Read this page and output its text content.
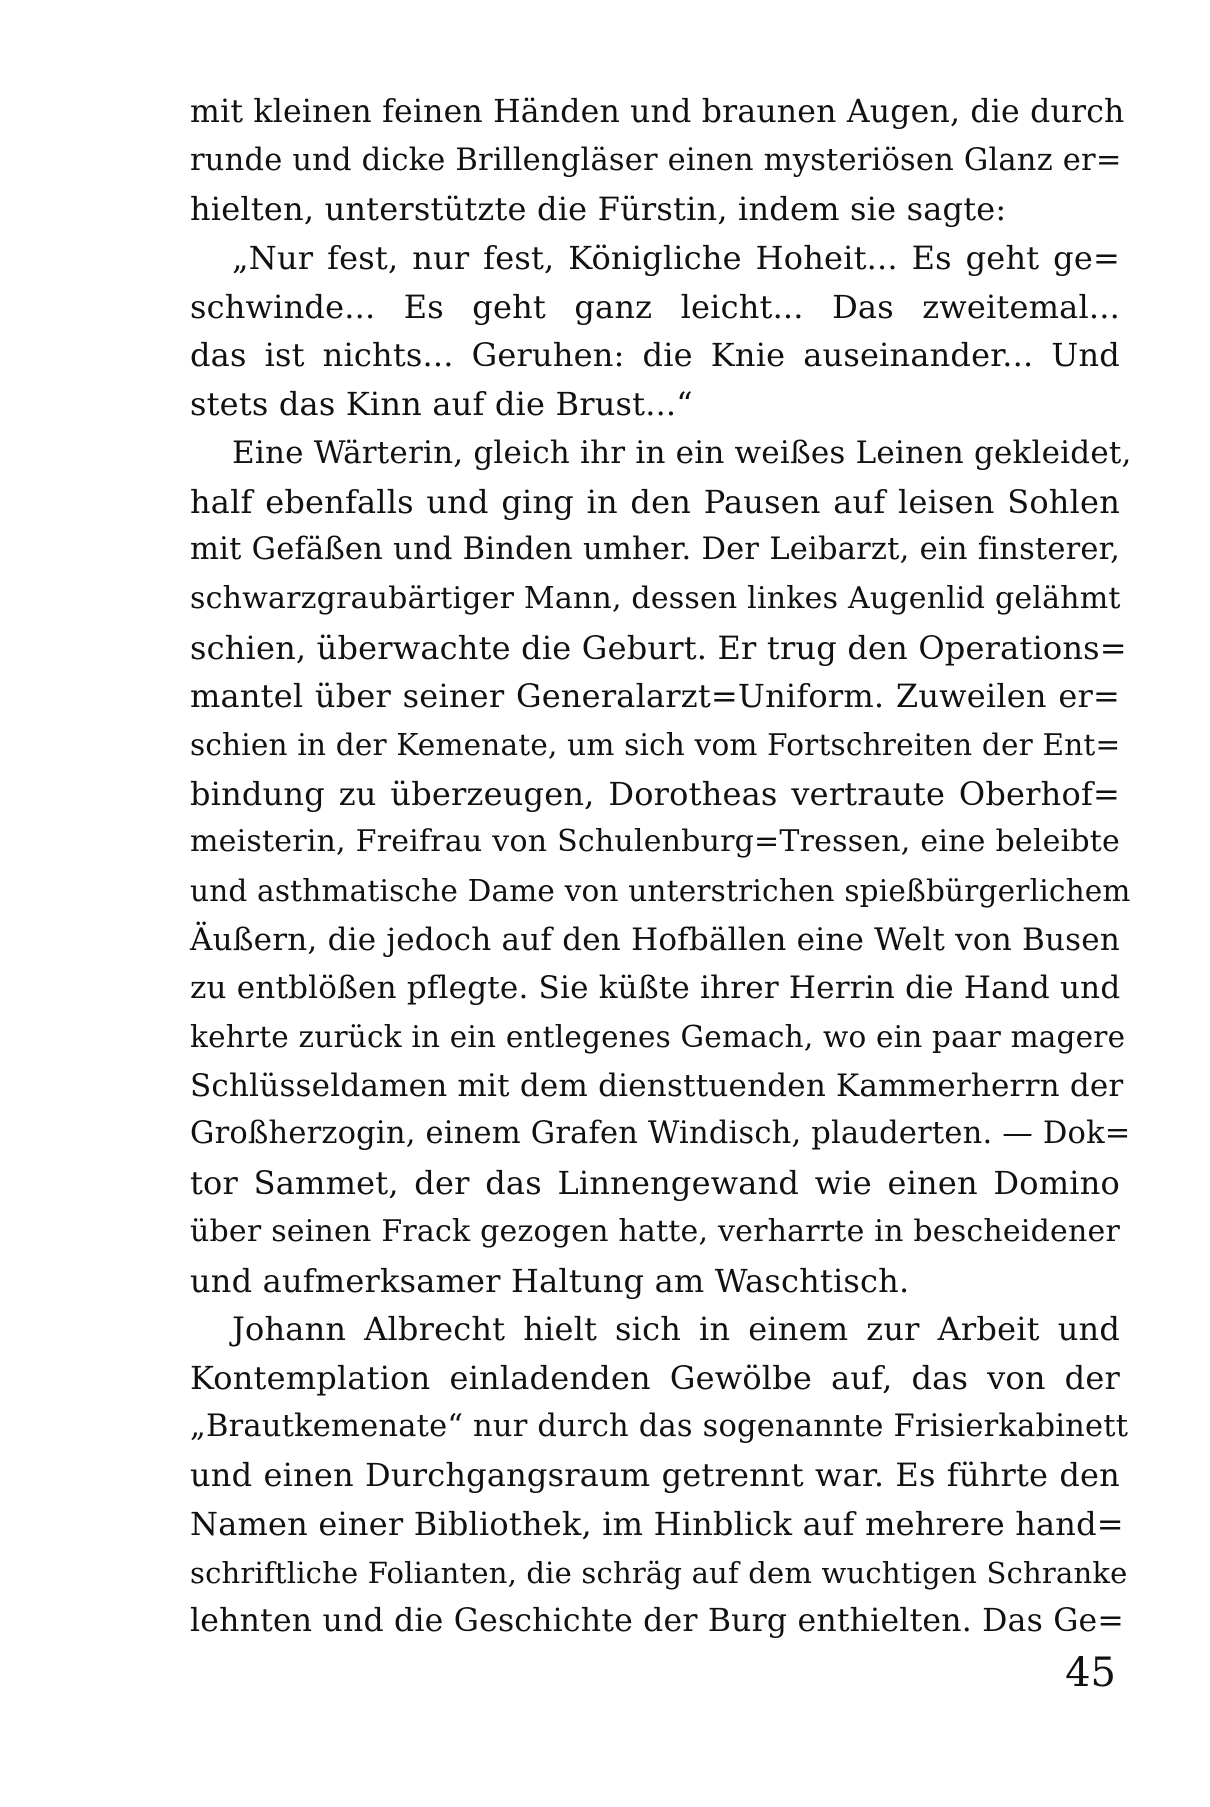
mit kleinen feinen Händen und braunen Augen, die durch
runde und dicke Brillengläser einen mysteriösen Glanz er=
hielten, unterstützte die Fürstin, indem sie sagte:
„Nur fest, nur fest, Königliche Hoheit... Es geht ge=
schwinde... Es geht ganz leicht... Das zweitemal...
das ist nichts... Geruhen: die Knie auseinander... Und
stets das Kinn auf die Brust...“
Eine Wärterin, gleich ihr in ein weißes Leinen gekleidet,
half ebenfalls und ging in den Pausen auf leisen Sohlen
mit Gefäßen und Binden umher. Der Leibarzt, ein finsterer,
schwarzgraubärtiger Mann, dessen linkes Augenlid gelähmt
schien, überwachte die Geburt. Er trug den Operations=
mantel über seiner Generalarzt=Uniform. Zuweilen er=
schien in der Kemenate, um sich vom Fortschreiten der Ent=
bindung zu überzeugen, Dorotheas vertraute Oberhof=
meisterin, Freifrau von Schulenburg=Tressen, eine beleibte
und asthmatische Dame von unterstrichen spießbürgerlichem
Äußern, die jedoch auf den Hofbällen eine Welt von Busen
zu entblößen pflegte. Sie küßte ihrer Herrin die Hand und
kehrte zurück in ein entlegenes Gemach, wo ein paar magere
Schlüsseldamen mit dem diensttuenden Kammerherrn der
Großherzogin, einem Grafen Windisch, plauderten. — Dok=
tor Sammet, der das Linnengewand wie einen Domino
über seinen Frack gezogen hatte, verharrte in bescheidener
und aufmerksamer Haltung am Waschtisch.
Johann Albrecht hielt sich in einem zur Arbeit und
Kontemplation einladenden Gewölbe auf, das von der
„Brautkemenate“ nur durch das sogenannte Frisierkabinett
und einen Durchgangsraum getrennt war. Es führte den
Namen einer Bibliothek, im Hinblick auf mehrere hand=
schriftliche Folianten, die schräg auf dem wuchtigen Schranke
lehnten und die Geschichte der Burg enthielten. Das Ge=
45
